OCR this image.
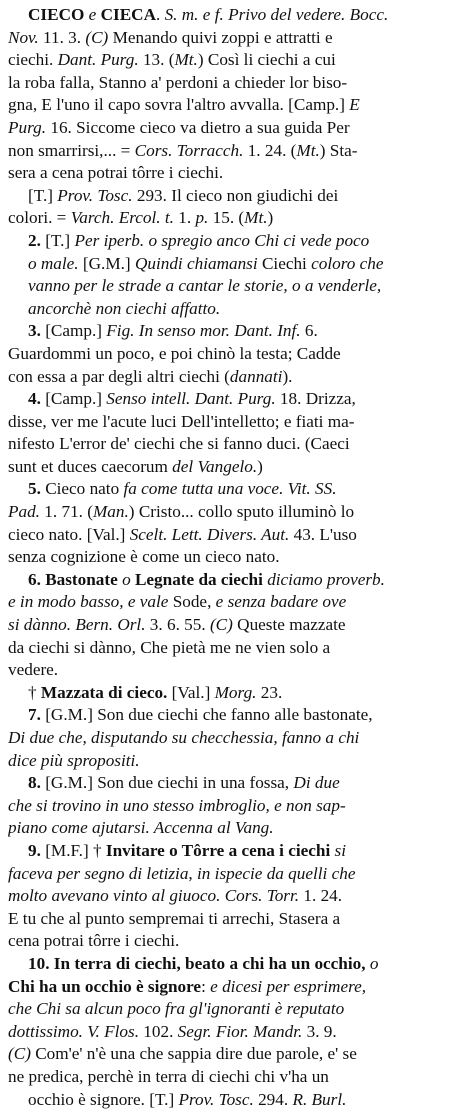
CIECO e CIECA. S. m. e f. Privo del vedere. Bocc.
Nov. 11. 3. (C) Menando quivi zoppi e attratti e
ciechi. Dant. Purg. 13. (Mt.) Così li ciechi a cui
la roba falla, Stanno a' perdoni a chieder lor biso-
gna, E l'uno il capo sovra l'altro avvalla. [Camp.] E
Purg. 16. Siccome cieco va dietro a sua guida Per
non smarrirsi,... = Cors. Torracch. 1. 24. (Mt.) Sta-
sera a cena potrai tôrre i ciechi.
[T.] Prov. Tosc. 293. Il cieco non giudichi dei
colori. = Varch. Ercol. t. 1. p. 15. (Mt.)
2. [T.] Per iperb. o spregio anco Chi ci vede poco
o male. [G.M.] Quindi chiamansi Ciechi coloro che
vanno per le strade a cantar le storie, o a venderle,
ancorchè non ciechi affatto.
3. [Camp.] Fig. In senso mor. Dant. Inf. 6.
Guardommi un poco, e poi chinò la testa; Cadde
con essa a par degli altri ciechi (dannati).
4. [Camp.] Senso intell. Dant. Purg. 18. Drizza,
disse, ver me l'acute luci Dell'intelletto; e fiati ma-
nifesto L'error de' ciechi che si fanno duci. (Caeci
sunt et duces caecorum del Vangelo.)
5. Cieco nato fa come tutta una voce. Vit. SS.
Pad. 1. 71. (Man.) Cristo... collo sputo illuminò lo
cieco nato. [Val.] Scelt. Lett. Divers. Aut. 43. L'uso
senza cognizione è come un cieco nato.
6. Bastonate o Legnate da ciechi diciamo proverb.
e in modo basso, e vale Sode, e senza badare ove
si dànno. Bern. Orl. 3. 6. 55. (C) Queste mazzate
da ciechi si dànno, Che pietà me ne vien solo a
vedere.
† Mazzata di cieco. [Val.] Morg. 23.
7. [G.M.] Son due ciechi che fanno alle bastonate,
Di due che, disputando su checchessia, fanno a chi
dice più spropositi.
8. [G.M.] Son due ciechi in una fossa, Di due
che si trovino in uno stesso imbroglio, e non sap-
piano come ajutarsi. Accenna al Vang.
9. [M.F.] † Invitare o Tôrre a cena i ciechi si
faceva per segno di letizia, in ispecie da quelli che
molto avevano vinto al giuoco. Cors. Torr. 1. 24.
E tu che al punto sempremai ti arrechi, Stasera a
cena potrai tôrre i ciechi.
10. In terra di ciechi, beato a chi ha un occhio, o
Chi ha un occhio è signore: e dicesi per esprimere,
che Chi sa alcun poco fra gl'ignoranti è reputato
dottissimo. V. Flos. 102. Segr. Fior. Mandr. 3. 9.
(C) Com'e' n'è una che sappia dire due parole, e' se
ne predica, perchè in terra di ciechi chi v'ha un
occhio è signore. [T.] Prov. Tosc. 294. R. Burl.
